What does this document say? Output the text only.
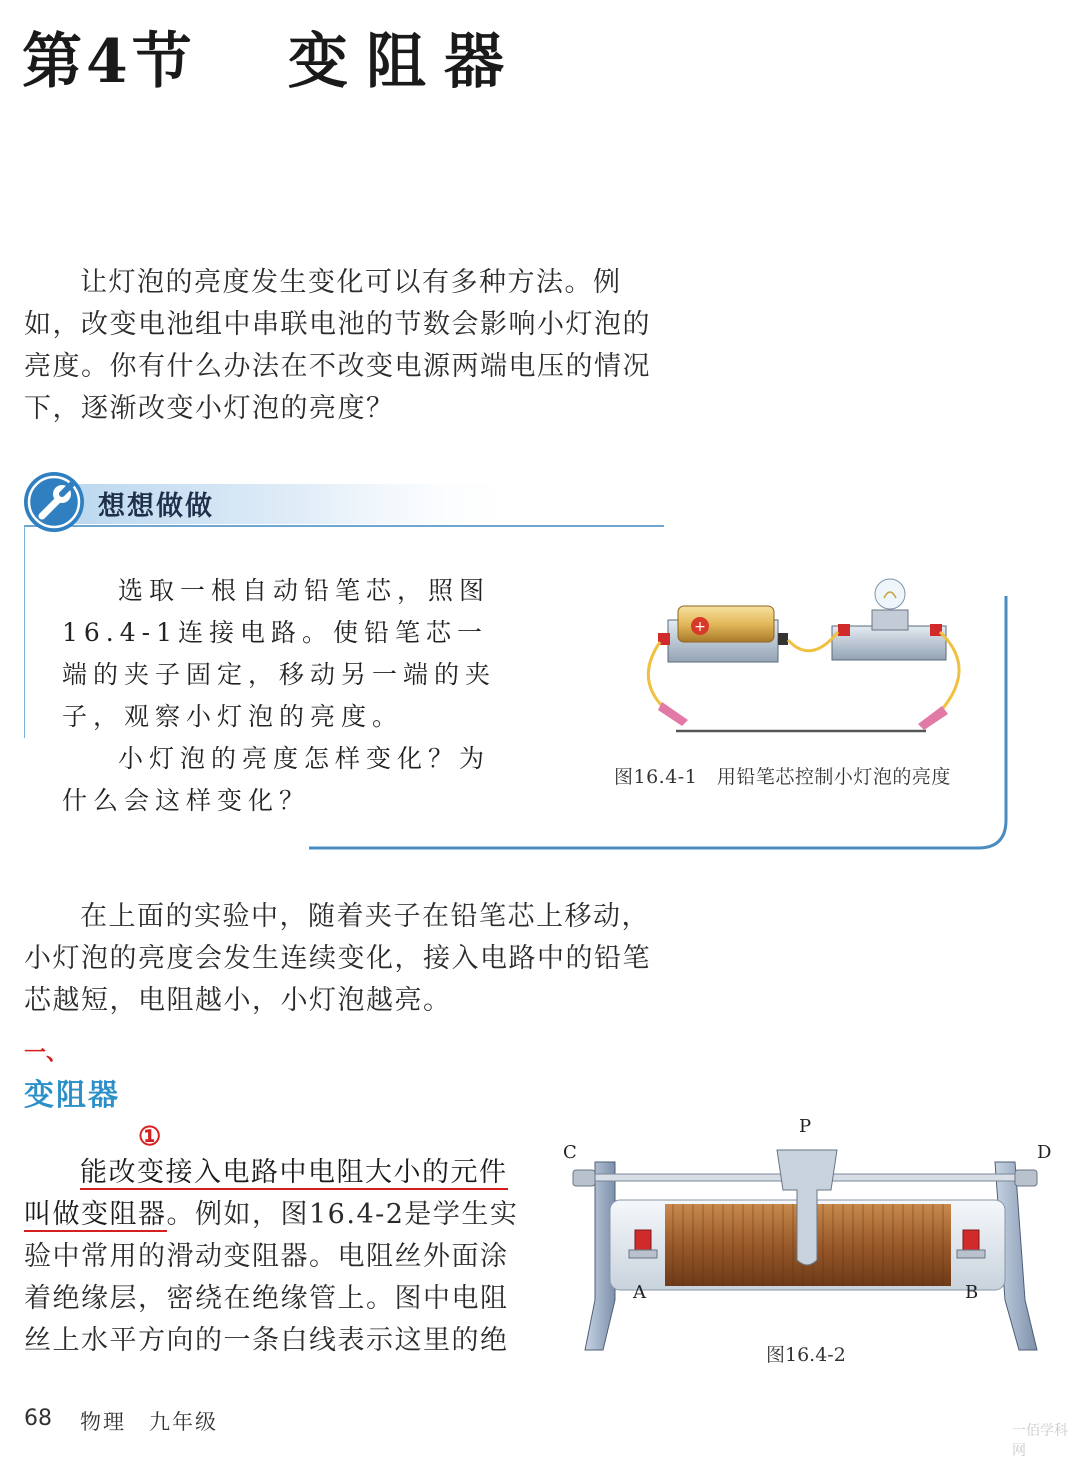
第4节 变阻器

让灯泡的亮度发生变化可以有多种方法。例如，改变电池组中串联电池的节数会影响小灯泡的亮度。你有什么办法在不改变电源两端电压的情况下，逐渐改变小灯泡的亮度？

想想做做

选取一根自动铅笔芯，照图16.4-1连接电路。使铅笔芯一端的夹子固定，移动另一端的夹子，观察小灯泡的亮度。

小灯泡的亮度怎样变化？为什么会这样变化？

+
图16.4-1　用铅笔芯控制小灯泡的亮度

在上面的实验中，随着夹子在铅笔芯上移动，小灯泡的亮度会发生连续变化，接入电路中的铅笔芯越短，电阻越小，小灯泡越亮。

一、
变阻器
①

能改变接入电路中电阻大小的元件叫做变阻器。例如，图16.4-2是学生实验中常用的滑动变阻器。电阻丝外面涂着绝缘层，密绕在绝缘管上。图中电阻丝上水平方向的一条白线表示这里的绝

P
C	D
A	B
图16.4-2
68 物理　九年级	一佰学科网
